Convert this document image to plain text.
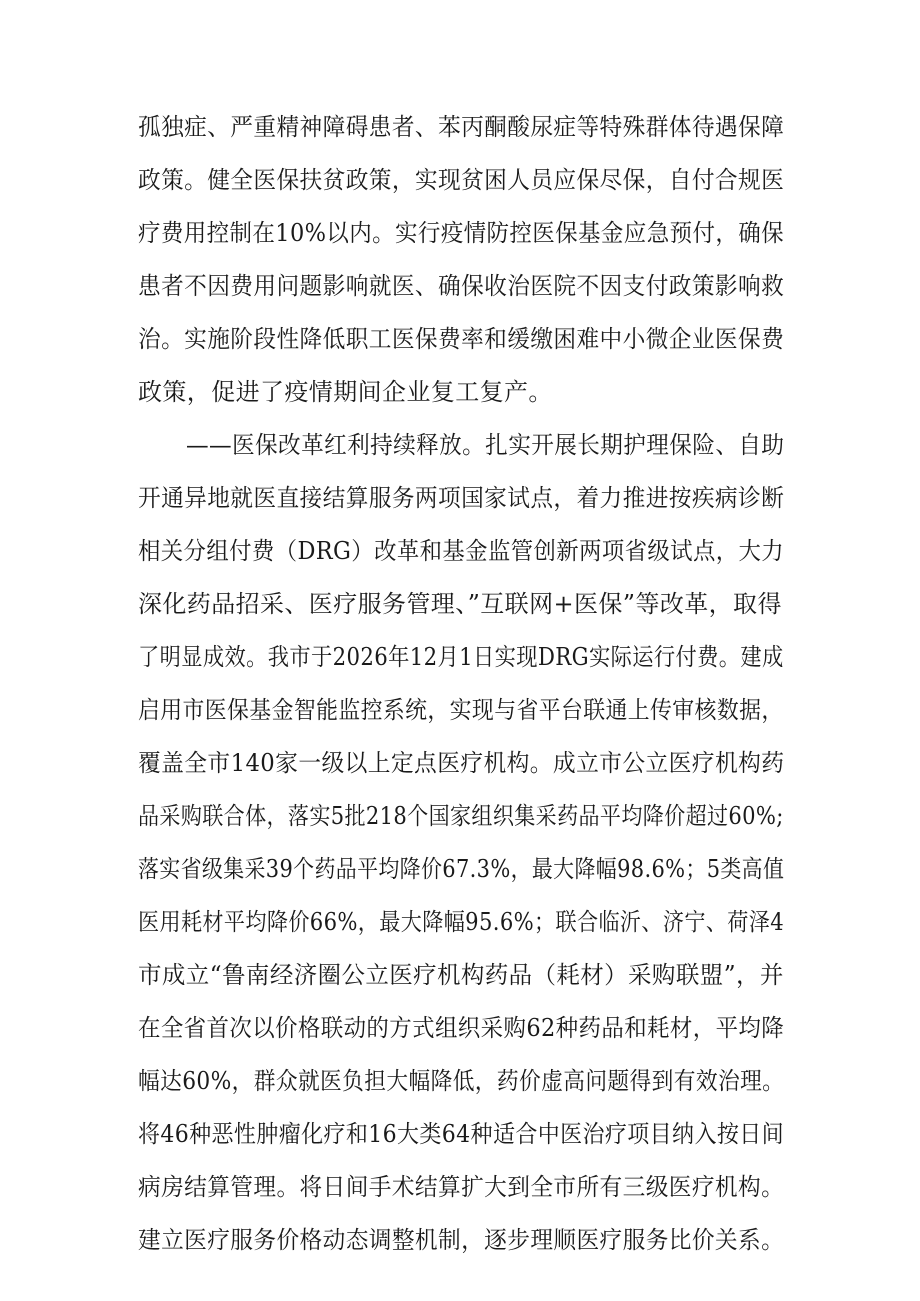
孤独症、严重精神障碍患者、苯丙酮酸尿症等特殊群体待遇保障
政策。健全医保扶贫政策，实现贫困人员应保尽保，自付合规医
疗费用控制在10%以内。实行疫情防控医保基金应急预付，确保
患者不因费用问题影响就医、确保收治医院不因支付政策影响救
治。实施阶段性降低职工医保费率和缓缴困难中小微企业医保费
政策，促进了疫情期间企业复工复产。
——医保改革红利持续释放。扎实开展长期护理保险、自助
开通异地就医直接结算服务两项国家试点，着力推进按疾病诊断
相关分组付费（DRG）改革和基金监管创新两项省级试点，大力
深化药品招采、医疗服务管理、”互联网+医保”等改革，取得
了明显成效。我市于2026年12月1日实现DRG实际运行付费。建成
启用市医保基金智能监控系统，实现与省平台联通上传审核数据，
覆盖全市140家一级以上定点医疗机构。成立市公立医疗机构药
品采购联合体，落实5批218个国家组织集采药品平均降价超过60%;
落实省级集采39个药品平均降价67.3%，最大降幅98.6%；5类高值
医用耗材平均降价66%，最大降幅95.6%；联合临沂、济宁、荷泽4
市成立“鲁南经济圈公立医疗机构药品（耗材）采购联盟”，并
在全省首次以价格联动的方式组织采购62种药品和耗材，平均降
幅达60%，群众就医负担大幅降低，药价虚高问题得到有效治理。
将46种恶性肿瘤化疗和16大类64种适合中医治疗项目纳入按日间
病房结算管理。将日间手术结算扩大到全市所有三级医疗机构。
建立医疗服务价格动态调整机制，逐步理顺医疗服务比价关系。
